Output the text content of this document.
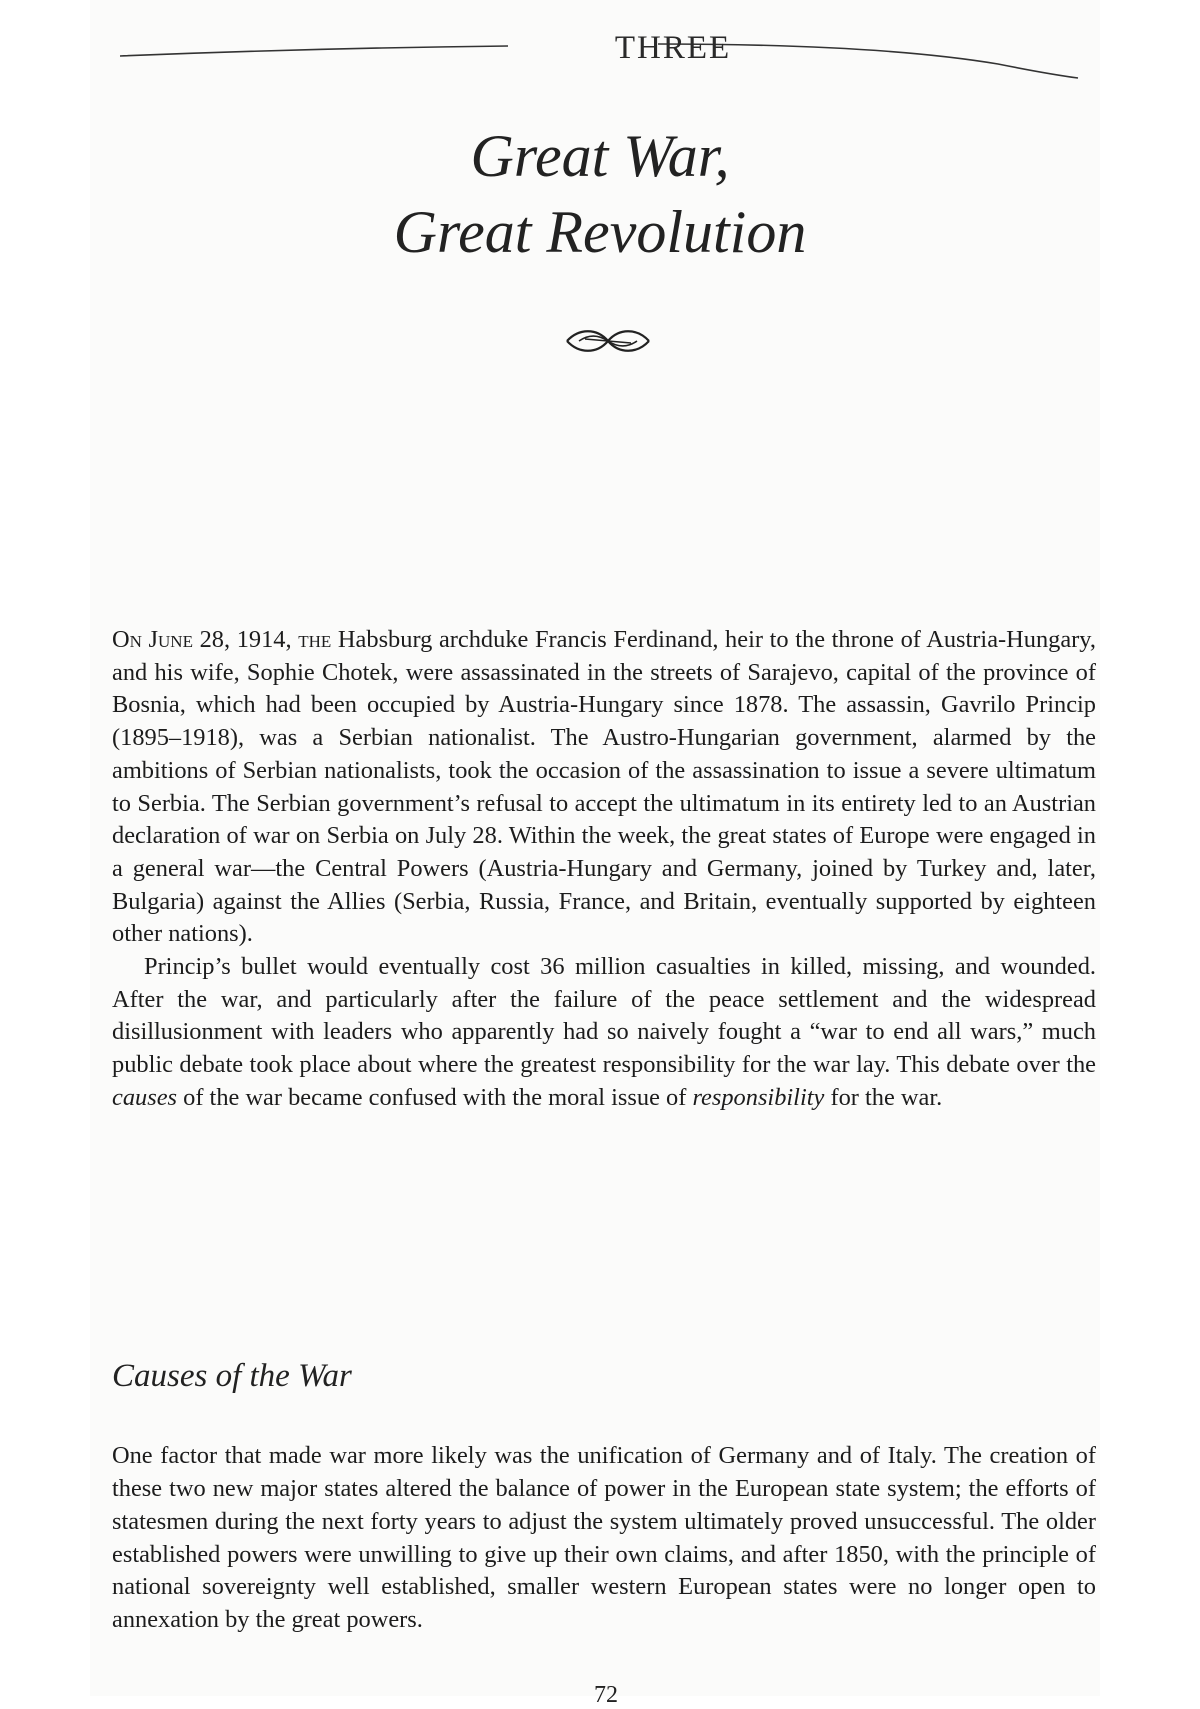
THREE
Great War,
Great Revolution

On June 28, 1914, the Habsburg archduke Francis Ferdinand, heir to the throne of Austria-Hungary, and his wife, Sophie Chotek, were assassinated in the streets of Sarajevo, capital of the province of Bosnia, which had been occupied by Austria-Hungary since 1878. The assassin, Gavrilo Princip (1895–1918), was a Serbian nationalist. The Austro-Hungarian government, alarmed by the ambitions of Serbian nationalists, took the occasion of the assassination to issue a severe ultimatum to Serbia. The Serbian government’s refusal to accept the ultimatum in its entirety led to an Austrian declaration of war on Serbia on July 28. Within the week, the great states of Europe were engaged in a general war—the Central Powers (Austria-Hungary and Germany, joined by Turkey and, later, Bulgaria) against the Allies (Serbia, Russia, France, and Britain, eventually supported by eighteen other nations).

Princip’s bullet would eventually cost 36 million casualties in killed, missing, and wounded. After the war, and particularly after the failure of the peace settlement and the widespread disillusionment with leaders who apparently had so naively fought a “war to end all wars,” much public debate took place about where the greatest responsibility for the war lay. This debate over the causes of the war became confused with the moral issue of responsibility for the war.

Causes of the War

One factor that made war more likely was the unification of Germany and of Italy. The creation of these two new major states altered the balance of power in the European state system; the efforts of statesmen during the next forty years to adjust the system ultimately proved unsuccessful. The older established powers were unwilling to give up their own claims, and after 1850, with the principle of national sovereignty well established, smaller western European states were no longer open to annexation by the great powers.

72
